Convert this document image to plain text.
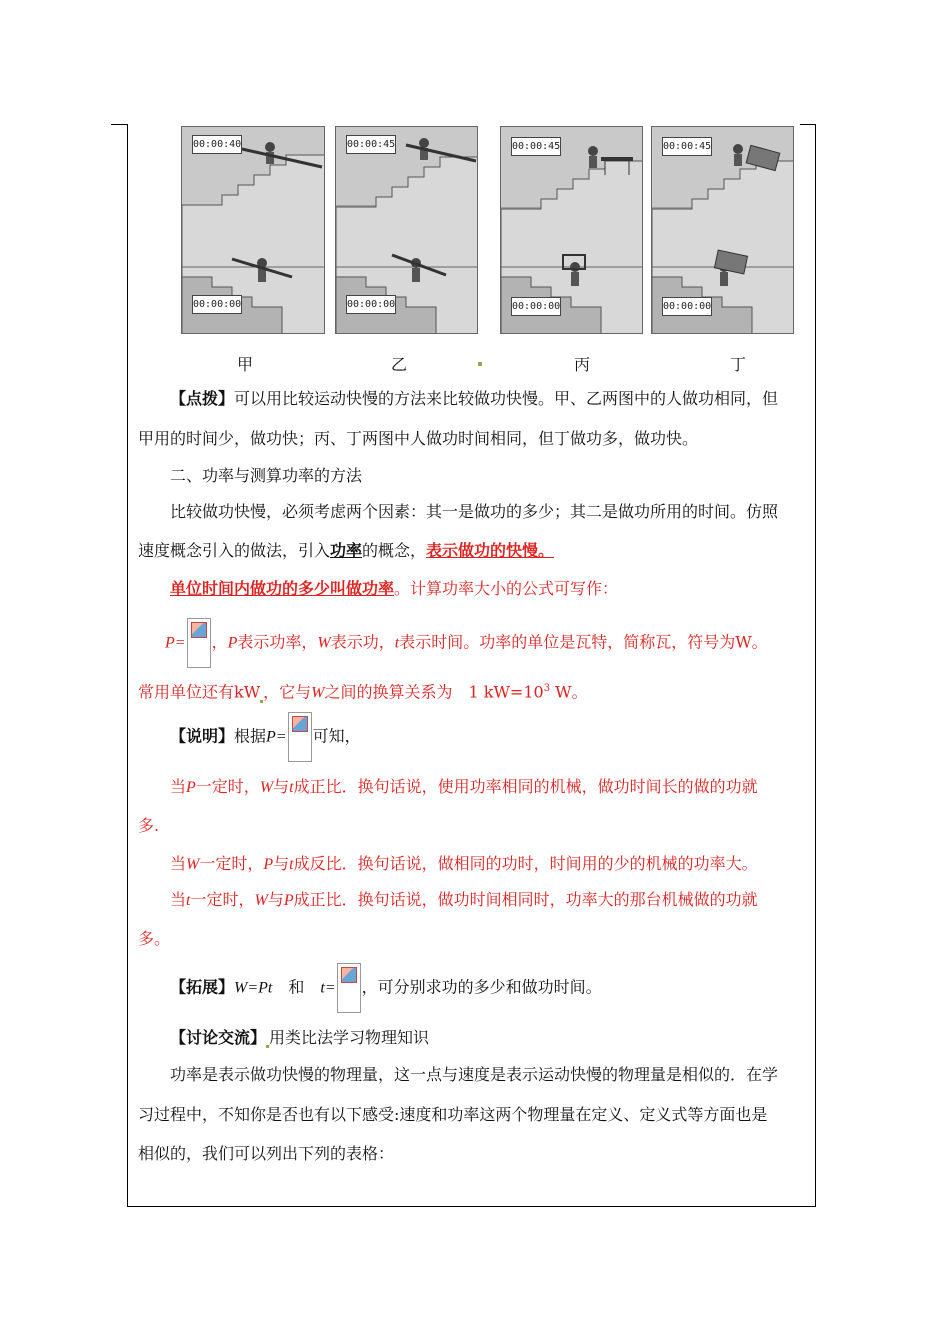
00:00:40
00:00:00
00:00:45
00:00:00
00:00:45
00:00:00
00:00:45
00:00:00
甲	乙	丙	丁
【点拨】可以用比较运动快慢的方法来比较做功快慢。甲、乙两图中的人做功相同，但
甲用的时间少，做功快；丙、丁两图中人做功时间相同，但丁做功多，做功快。
二、功率与测算功率的方法
比较做功快慢，必须考虑两个因素：其一是做功的多少；其二是做功所用的时间。仿照
速度概念引入的做法，引入功率的概念，表示做功的快慢。
单位时间内做功的多少叫做功率。计算功率大小的公式可写作：
P= ，P表示功率，W表示功，t表示时间。功率的单位是瓦特，简称瓦，符号为W。
常用单位还有kW ，它与W之间的换算关系为　1 $kW=10^3$ W。
【说明】根据P= 可知，
当P一定时，W与t成正比．换句话说，使用功率相同的机械，做功时间长的做的功就
多.
当W一定时，P与t成反比．换句话说，做相同的功时，时间用的少的机械的功率大。
当t一定时，W与P成正比．换句话说，做功时间相同时，功率大的那台机械做的功就
多。
【拓展】W=Pt　 和　 t= ，可分别求功的多少和做功时间。
【讨论交流】 用类比法学习物理知识
功率是表示做功快慢的物理量，这一点与速度是表示运动快慢的物理量是相似的．在学
习过程中，不知你是否也有以下感受:速度和功率这两个物理量在定义、定义式等方面也是
相似的，我们可以列出下列的表格：
